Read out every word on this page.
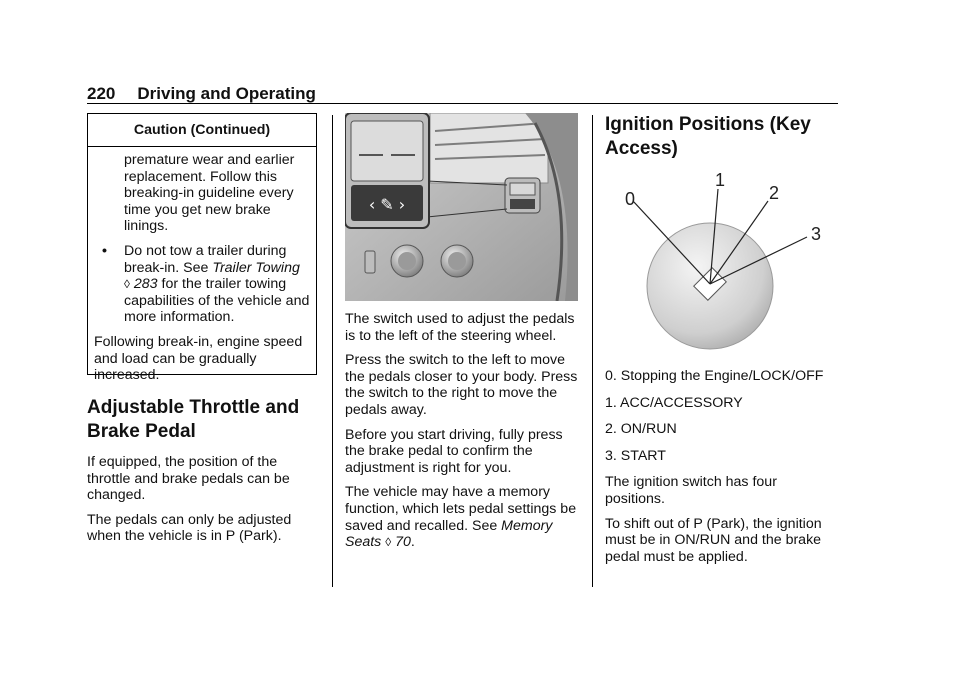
220 Driving and Operating
Caution (Continued)

premature wear and earlier replacement. Follow this breaking-in guideline every time you get new brake linings.

•	Do not tow a trailer during break-in. See Trailer Towing
◊ 283 for the trailer towing capabilities of the vehicle and more information.

Following break-in, engine speed and load can be gradually increased.

Adjustable Throttle and Brake Pedal

If equipped, the position of the throttle and brake pedals can be changed.

The pedals can only be adjusted when the vehicle is in P (Park).

‹ ✎ ›

The switch used to adjust the pedals is to the left of the steering wheel.

Press the switch to the left to move the pedals closer to your body. Press the switch to the right to move the pedals away.

Before you start driving, fully press the brake pedal to confirm the adjustment is right for you.

The vehicle may have a memory function, which lets pedal settings be saved and recalled. See Memory Seats ◊ 70.

Ignition Positions (Key Access)
0
1
2
3
0. Stopping the Engine/LOCK/OFF
1. ACC/ACCESSORY
2. ON/RUN
3. START

The ignition switch has four positions.

To shift out of P (Park), the ignition must be in ON/RUN and the brake pedal must be applied.
